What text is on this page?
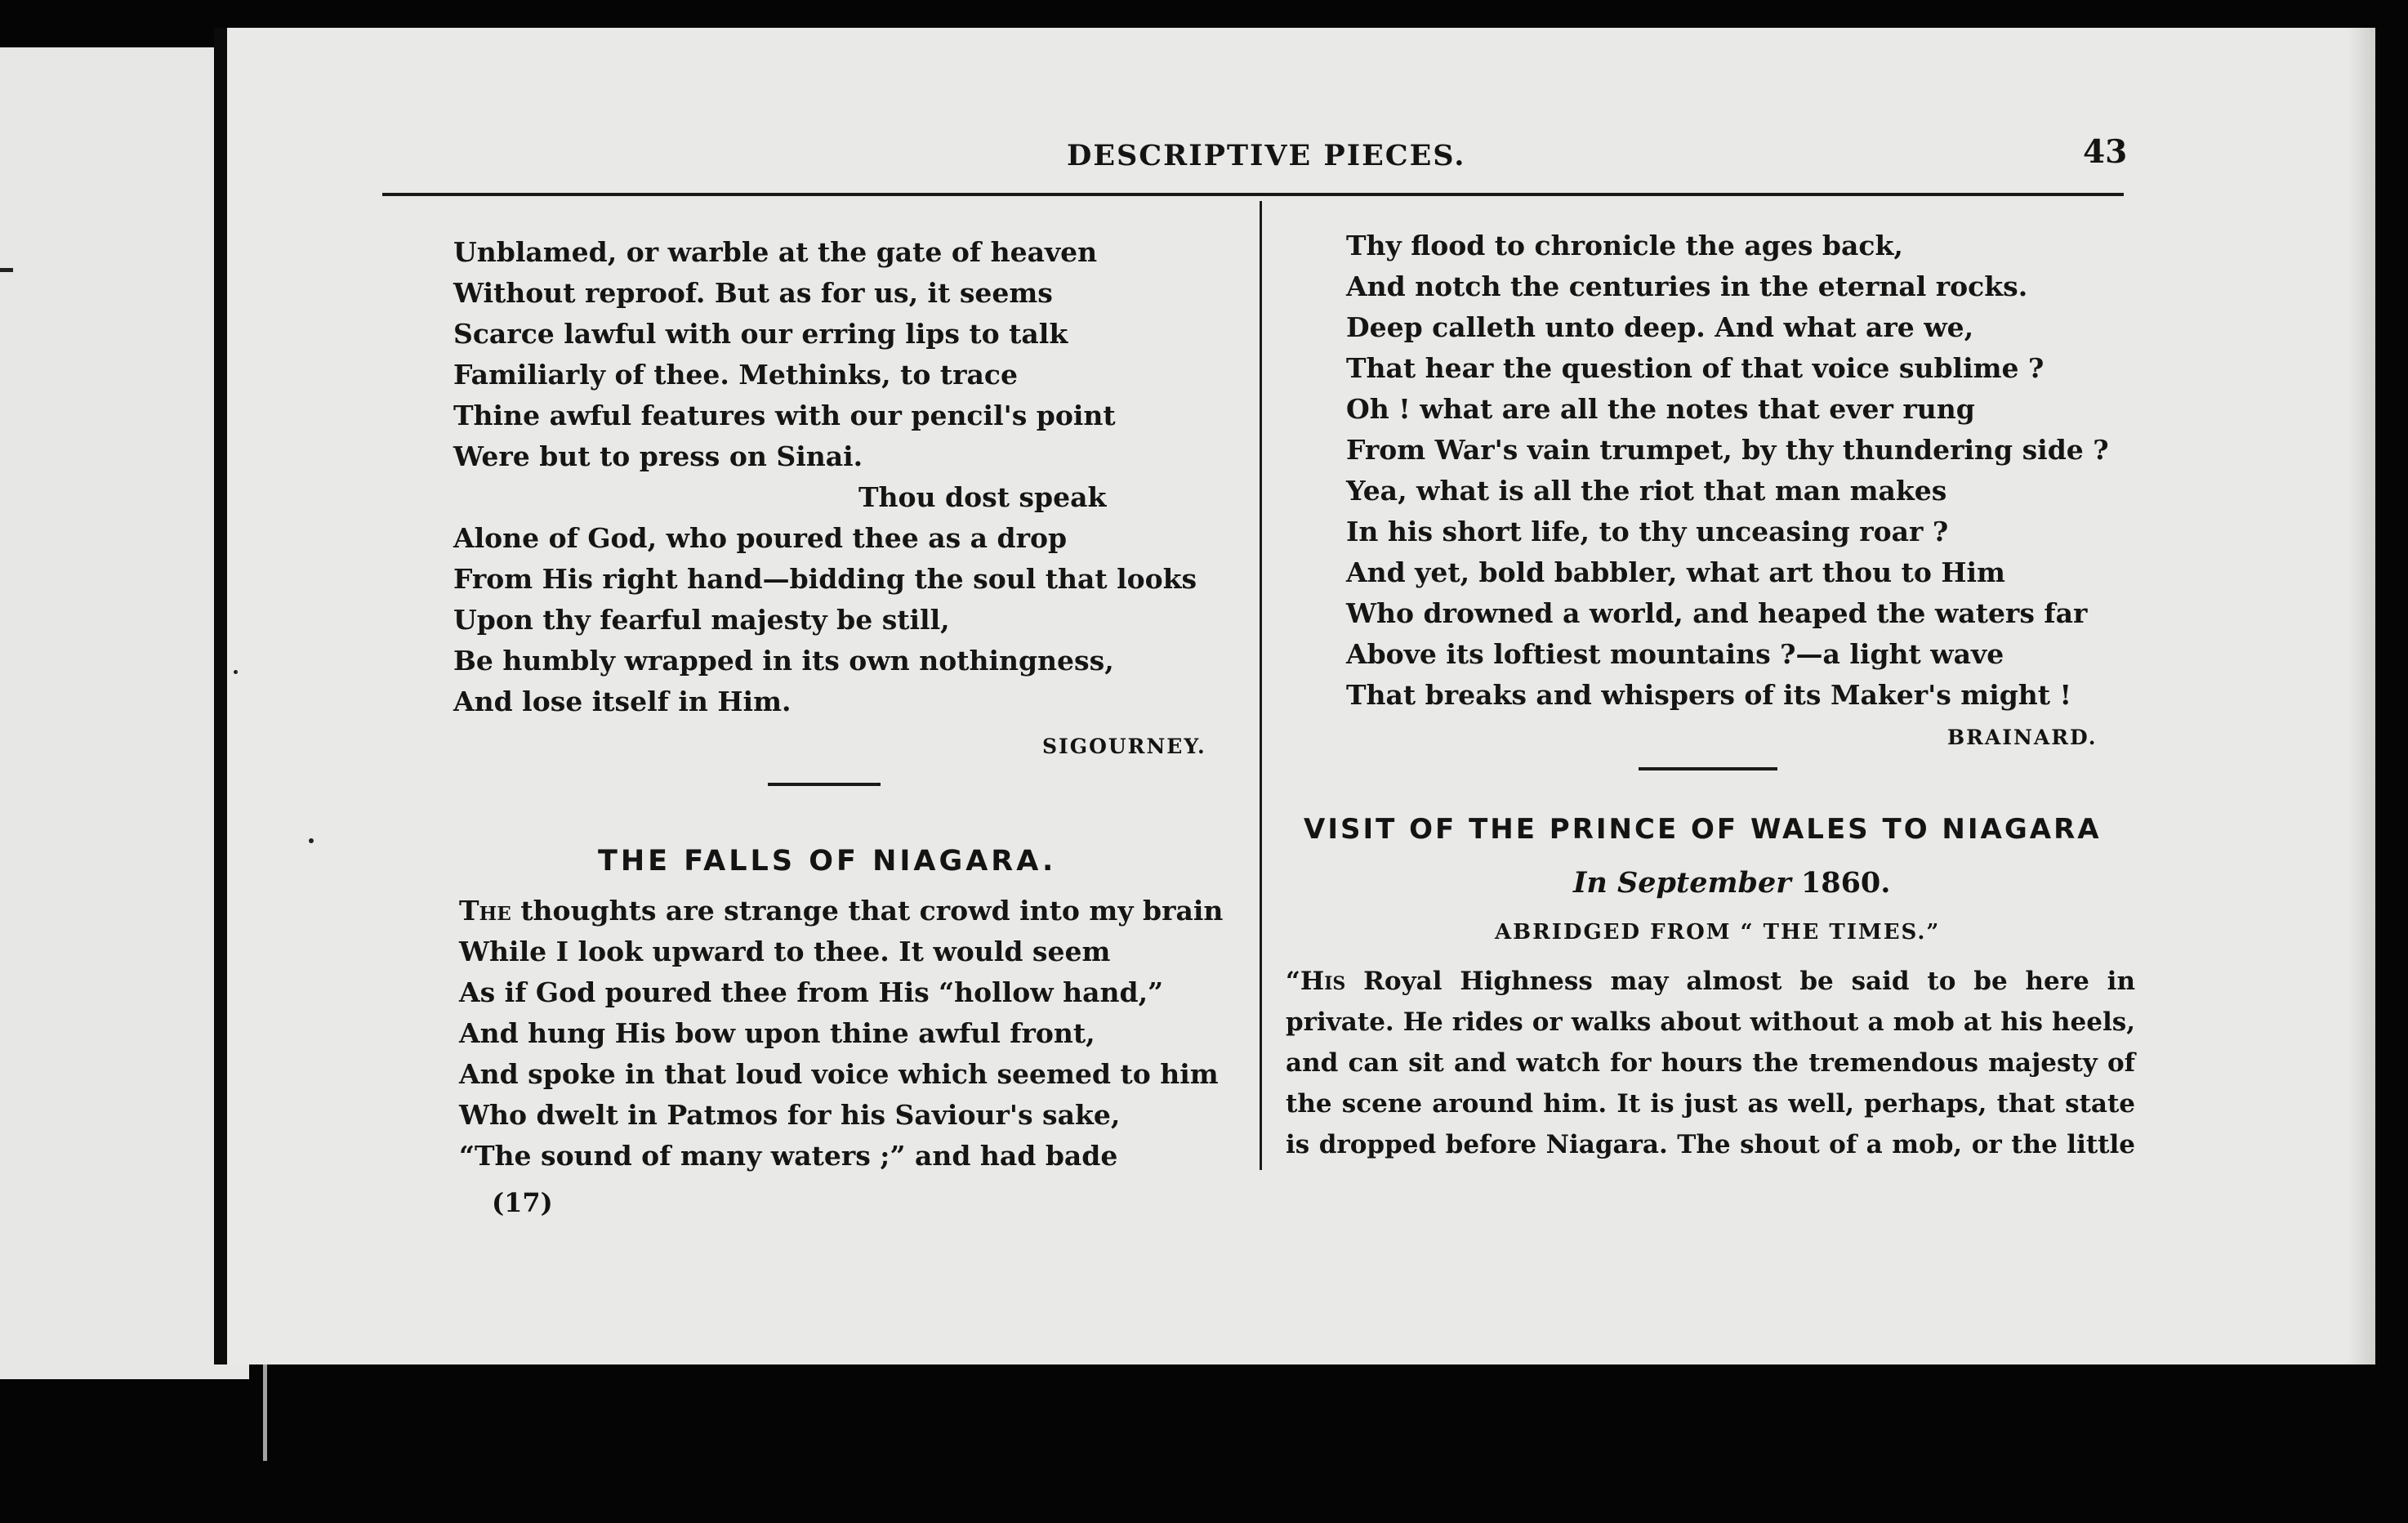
DESCRIPTIVE PIECES.	43
Unblamed, or warble at the gate of heaven
Without reproof. But as for us, it seems
Scarce lawful with our erring lips to talk
Familiarly of thee. Methinks, to trace
Thine awful features with our pencil's point
Were but to press on Sinai.
Thou dost speak
Alone of God, who poured thee as a drop
From His right hand—bidding the soul that looks
Upon thy fearful majesty be still,
Be humbly wrapped in its own nothingness,
And lose itself in Him.
SIGOURNEY.
THE FALLS OF NIAGARA.
The thoughts are strange that crowd into my brain
While I look upward to thee. It would seem
As if God poured thee from His “hollow hand,”
And hung His bow upon thine awful front,
And spoke in that loud voice which seemed to him
Who dwelt in Patmos for his Saviour's sake,
“The sound of many waters ;” and had bade
(17)
Thy flood to chronicle the ages back,
And notch the centuries in the eternal rocks.
Deep calleth unto deep. And what are we,
That hear the question of that voice sublime ?
Oh ! what are all the notes that ever rung
From War's vain trumpet, by thy thundering side ?
Yea, what is all the riot that man makes
In his short life, to thy unceasing roar ?
And yet, bold babbler, what art thou to Him
Who drowned a world, and heaped the waters far
Above its loftiest mountains ?—a light wave
That breaks and whispers of its Maker's might !
BRAINARD.
VISIT OF THE PRINCE OF WALES TO NIAGARA
In September 1860.
ABRIDGED FROM “ THE TIMES.”
“His Royal Highness may almost be said to be here in
private. He rides or walks about without a mob at his heels,
and can sit and watch for hours the tremendous majesty of
the scene around him. It is just as well, perhaps, that state
is dropped before Niagara. The shout of a mob, or the little
